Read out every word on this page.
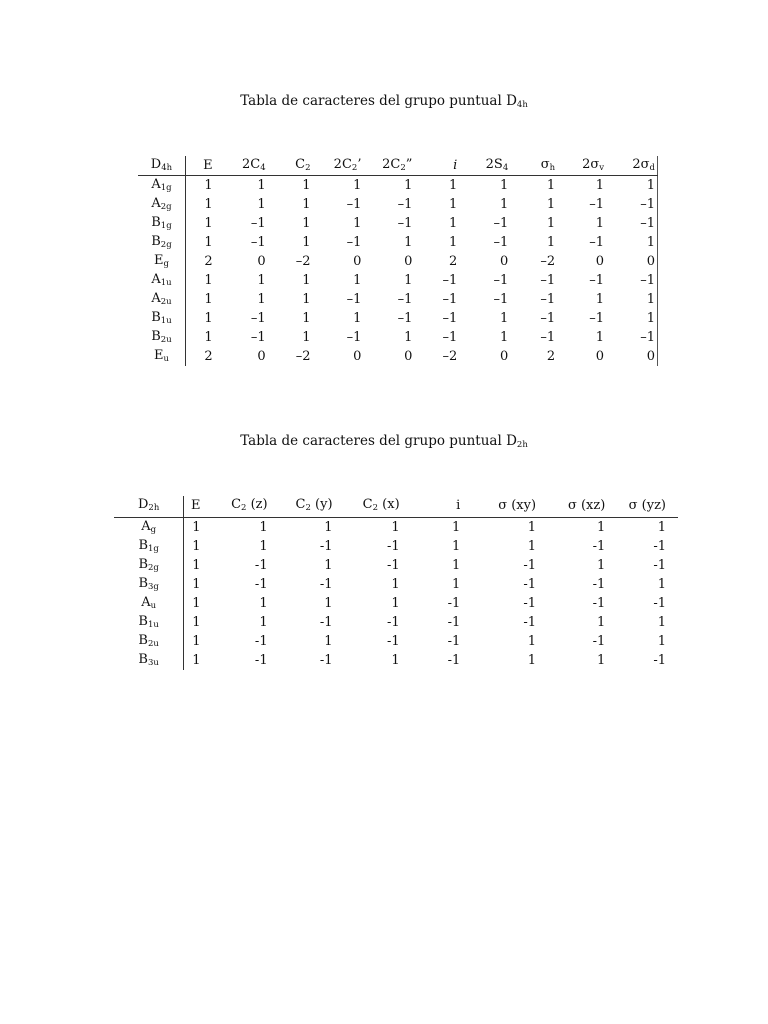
Tabla de caracteres del grupo puntual $D_{4h}$
$D_{4h}$	E	$2C_4$	$C_2$	$2C_2$’	$2C_2$”	i	$2S_4$	$\sigma_h$	$2\sigma_v$	$2\sigma_d$
$A_{1g}$	1	1	1	1	1	1	1	1	1	1
$A_{2g}$	1	1	1	–1	–1	1	1	1	–1	–1
$B_{1g}$	1	–1	1	1	–1	1	–1	1	1	–1
$B_{2g}$	1	–1	1	–1	1	1	–1	1	–1	1
$E_g$	2	0	–2	0	0	2	0	–2	0	0
$A_{1u}$	1	1	1	1	1	–1	–1	–1	–1	–1
$A_{2u}$	1	1	1	–1	–1	–1	–1	–1	1	1
$B_{1u}$	1	–1	1	1	–1	–1	1	–1	–1	1
$B_{2u}$	1	–1	1	–1	1	–1	1	–1	1	–1
$E_u$	2	0	–2	0	0	–2	0	2	0	0
Tabla de caracteres del grupo puntual $D_{2h}$
$D_{2h}$	E	$C_2$ (z)	$C_2$ (y)	$C_2$ (x)	i	σ (xy)	σ (xz)	σ (yz)
$A_g$	1	1	1	1	1	1	1	1
$B_{1g}$	1	1	-1	-1	1	1	-1	-1
$B_{2g}$	1	-1	1	-1	1	-1	1	-1
$B_{3g}$	1	-1	-1	1	1	-1	-1	1
$A_u$	1	1	1	1	-1	-1	-1	-1
$B_{1u}$	1	1	-1	-1	-1	-1	1	1
$B_{2u}$	1	-1	1	-1	-1	1	-1	1
$B_{3u}$	1	-1	-1	1	-1	1	1	-1
